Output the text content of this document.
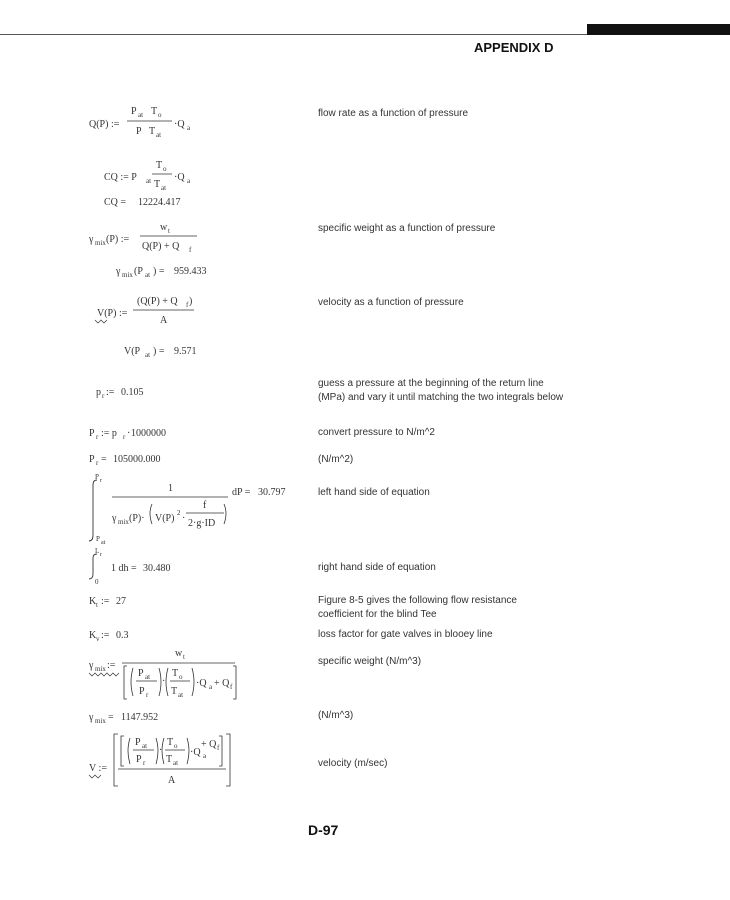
APPENDIX D
flow rate as a function of pressure
specific weight as a function of pressure
velocity as a function of pressure
guess a pressure at the beginning of the return line (MPa) and vary it until matching the two integrals below
convert pressure to N/m^2
(N/m^2)
left hand side of equation
right hand side of equation
Figure 8-5 gives the following flow resistance coefficient for the blind Tee
loss factor for gate valves in blooey line
specific weight (N/m^3)
(N/m^3)
velocity (m/sec)
Q(P) :=
P at T o
P T at
·Q a
CQ := P at
T o
T at
·Q a
CQ = 12224.417
γ mix (P) :=
w t
Q(P) + Q f
γ mix (P at ) = 959.433
V(P) :=
(Q(P) + Q f )
A
V(P at ) = 9.571
p r := 0.105
P r := p r · 1000000
P r = 105000.000
P r
P at
1
γ mix (P)· V(P) 2 ·
f
2·g·ID
dP = 30.797
L r
0
1 dh = 30.480
K t := 27
K v := 0.3
γ mix :=
w t
P at
P r
·
T o
T at
·Q a + Q f
γ mix = 1147.952
V :=
P at
P r
·
T o
T at
·Q a
+ Q f
A
D-97
